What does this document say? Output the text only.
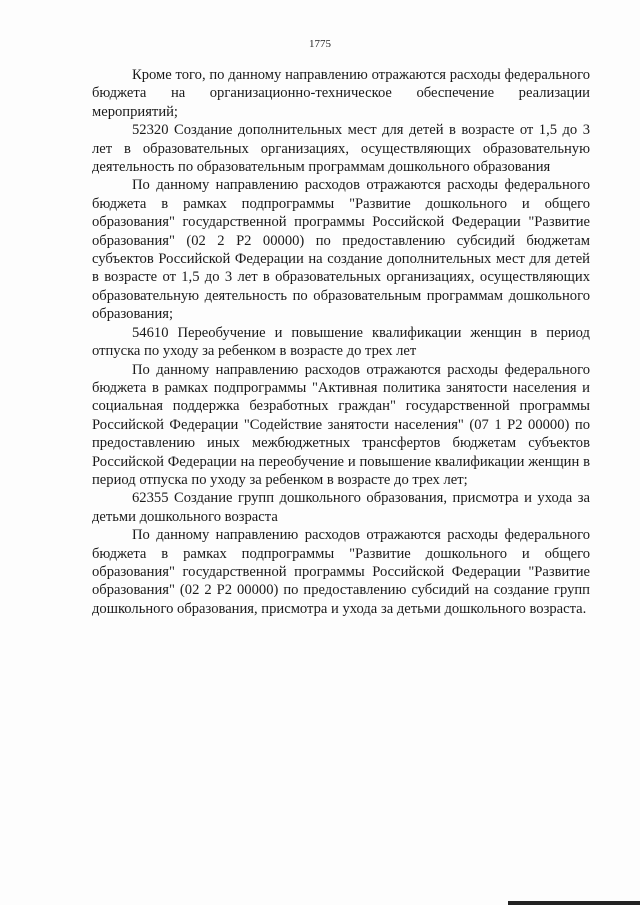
1775

Кроме того, по данному направлению отражаются расходы федерального бюджета на организационно-техническое обеспечение реализации мероприятий;

52320 Создание дополнительных мест для детей в возрасте от 1,5 до 3 лет в образовательных организациях, осуществляющих образовательную деятельность по образовательным программам дошкольного образования

По данному направлению расходов отражаются расходы федерального бюджета в рамках подпрограммы "Развитие дошкольного и общего образования" государственной программы Российской Федерации "Развитие образования" (02 2 Р2 00000) по предоставлению субсидий бюджетам субъектов Российской Федерации на создание дополнительных мест для детей в возрасте от 1,5 до 3 лет в образовательных организациях, осуществляющих образовательную деятельность по образовательным программам дошкольного образования;

54610 Переобучение и повышение квалификации женщин в период отпуска по уходу за ребенком в возрасте до трех лет

По данному направлению расходов отражаются расходы федерального бюджета в рамках подпрограммы "Активная политика занятости населения и социальная поддержка безработных граждан" государственной программы Российской Федерации "Содействие занятости населения" (07 1 Р2 00000) по предоставлению иных межбюджетных трансфертов бюджетам субъектов Российской Федерации на переобучение и повышение квалификации женщин в период отпуска по уходу за ребенком в возрасте до трех лет;

62355 Создание групп дошкольного образования, присмотра и ухода за детьми дошкольного возраста

По данному направлению расходов отражаются расходы федерального бюджета в рамках подпрограммы "Развитие дошкольного и общего образования" государственной программы Российской Федерации "Развитие образования" (02 2 Р2 00000) по предоставлению субсидий на создание групп дошкольного образования, присмотра и ухода за детьми дошкольного возраста.
